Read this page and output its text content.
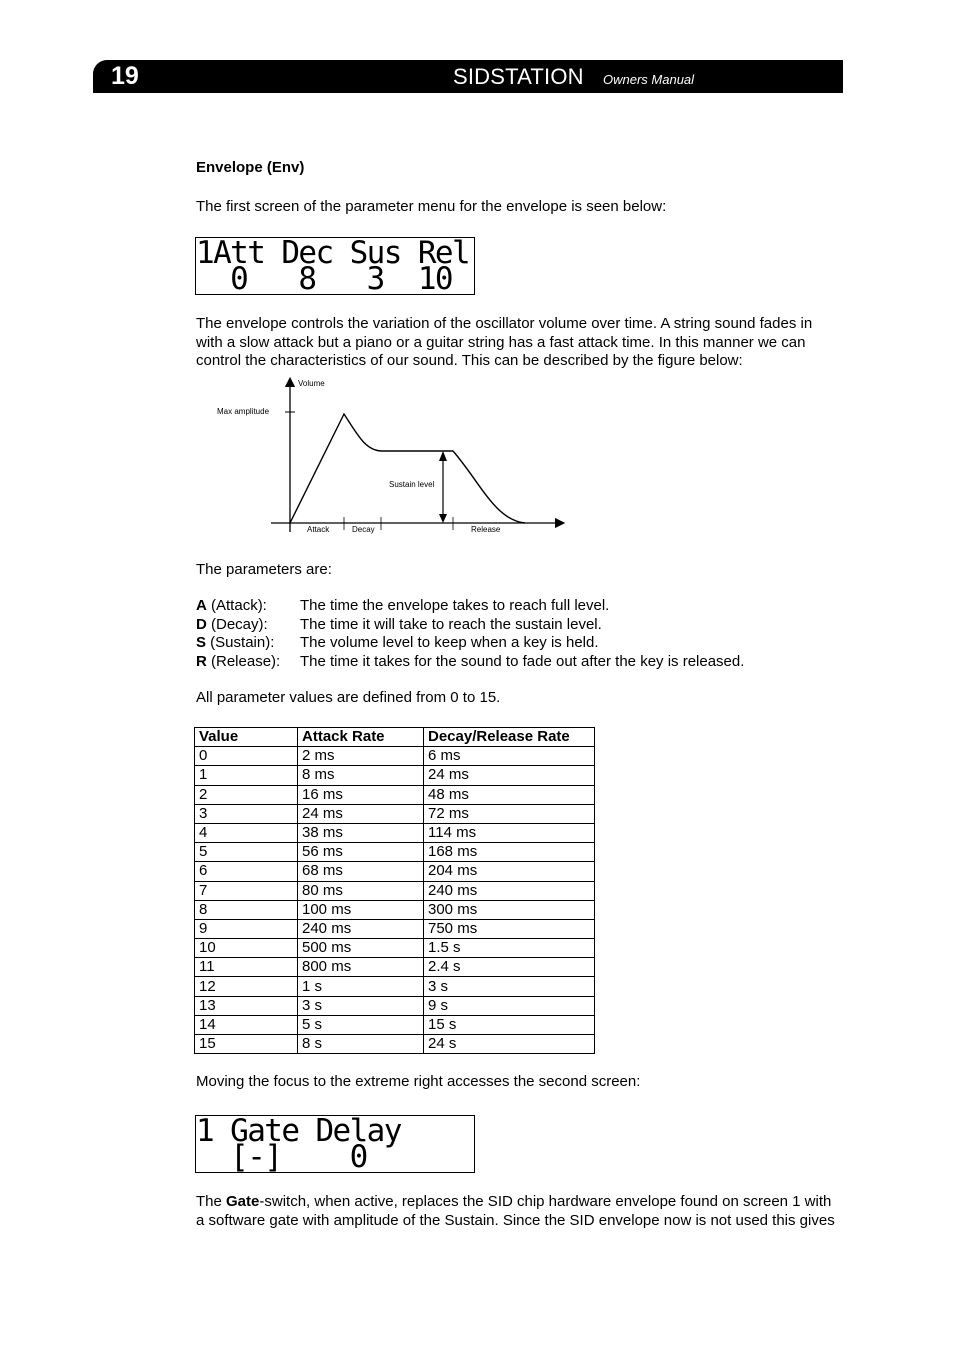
19	SIDSTATION Owners Manual
Envelope (Env)
The first screen of the parameter menu for the envelope is seen below:
1Att Dec Sus Rel
0   8   3  10
The envelope controls the variation of the oscillator volume over time. A string sound fades in
with a slow attack but a piano or a guitar string has a fast attack time. In this manner we can
control the characteristics of our sound. This can be described by the figure below:
Volume
Max amplitude
Sustain level
Attack	Decay	Release
The parameters are:
A (Attack):	The time the envelope takes to reach full level.
D (Decay):	The time it will take to reach the sustain level.
S (Sustain):	The volume level to keep when a key is held.
R (Release):	The time it takes for the sound to fade out after the key is released.
All parameter values are defined from 0 to 15.
Value	Attack Rate	Decay/Release Rate
0	2 ms	6 ms
1	8 ms	24 ms
2	16 ms	48 ms
3	24 ms	72 ms
4	38 ms	114 ms
5	56 ms	168 ms
6	68 ms	204 ms
7	80 ms	240 ms
8	100 ms	300 ms
9	240 ms	750 ms
10	500 ms	1.5 s
11	800 ms	2.4 s
12	1 s	3 s
13	3 s	9 s
14	5 s	15 s
15	8 s	24 s
Moving the focus to the extreme right accesses the second screen:
1 Gate Delay
[-]    0
The Gate-switch, when active, replaces the SID chip hardware envelope found on screen 1 with
a software gate with amplitude of the Sustain. Since the SID envelope now is not used this gives
